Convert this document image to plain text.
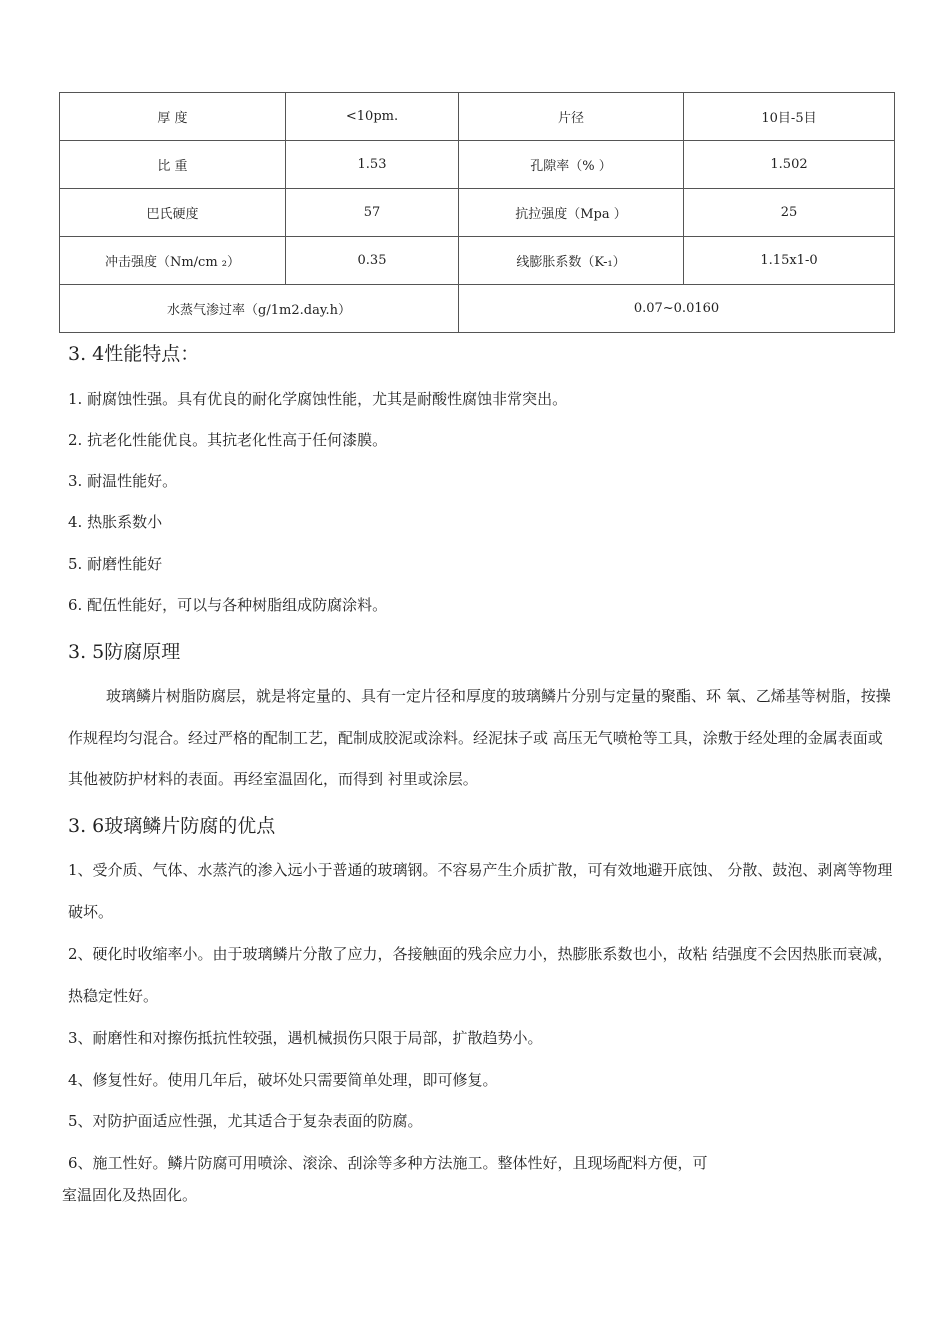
厚 度	<10pm.	片径	10目-5目
比 重	1.53	孔隙率（% ）	1.502
巴氏硬度	57	抗拉强度（Mpa ）	25
冲击强度（Nm/cm ₂）	0.35	线膨胀系数（K-₁）	1.15x1-0
水蒸气渗过率（g/1m2.day.h）		0.07~0.0160	
3. 4性能特点：

1. 耐腐蚀性强。具有优良的耐化学腐蚀性能，尤其是耐酸性腐蚀非常突出。

2. 抗老化性能优良。其抗老化性高于任何漆膜。

3. 耐温性能好。

4. 热胀系数小

5. 耐磨性能好

6. 配伍性能好，可以与各种树脂组成防腐涂料。

3. 5防腐原理

玻璃鳞片树脂防腐层，就是将定量的、具有一定片径和厚度的玻璃鳞片分别与定量的聚酯、环 氧、乙烯基等树脂，按操作规程均匀混合。经过严格的配制工艺，配制成胶泥或涂料。经泥抹子或 高压无气喷枪等工具，涂敷于经处理的金属表面或其他被防护材料的表面。再经室温固化，而得到 衬里或涂层。

3. 6玻璃鳞片防腐的优点

1、受介质、气体、水蒸汽的渗入远小于普通的玻璃钢。不容易产生介质扩散，可有效地避开底蚀、 分散、鼓泡、剥离等物理破坏。

2、硬化时收缩率小。由于玻璃鳞片分散了应力，各接触面的残余应力小，热膨胀系数也小，故粘 结强度不会因热胀而衰减，热稳定性好。

3、耐磨性和对擦伤抵抗性较强，遇机械损伤只限于局部，扩散趋势小。

4、修复性好。使用几年后，破坏处只需要简单处理，即可修复。

5、对防护面适应性强，尤其适合于复杂表面的防腐。

6、施工性好。鳞片防腐可用喷涂、滚涂、刮涂等多种方法施工。整体性好，且现场配料方便，可
室温固化及热固化。
